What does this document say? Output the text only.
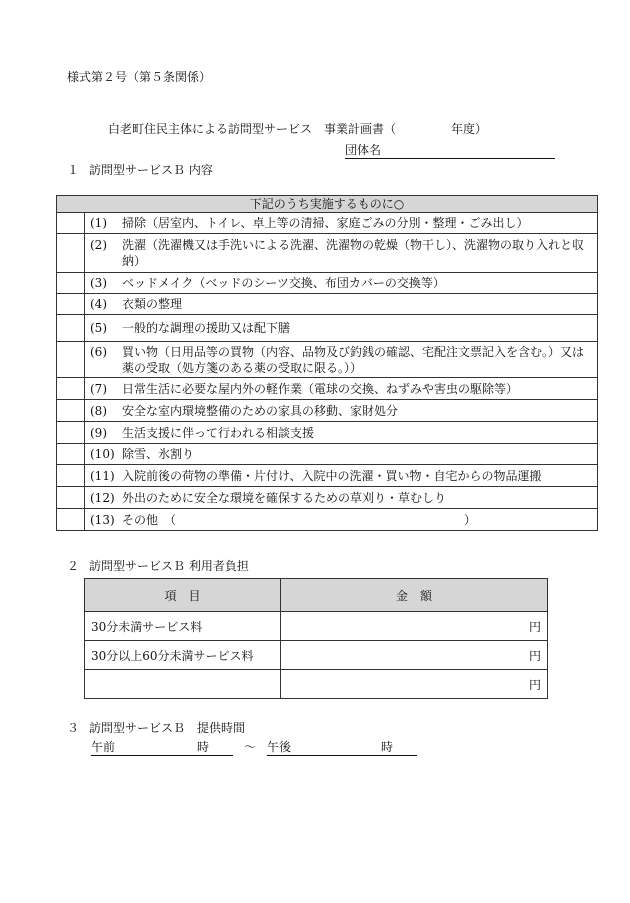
様式第２号（第５条関係）
白老町住民主体による訪問型サービス　事業計画書（	年度）
団体名
１ 訪問型サービスＢ 内容
下記のうち実施するものに○	

	(1) 掃除（居室内、トイレ、卓上等の清掃、家庭ごみの分別・整理・ごみ出し）

	(2) 洗濯（洗濯機又は手洗いによる洗濯、洗濯物の乾燥（物干し）、洗濯物の取り入れと収納）

	(3) ベッドメイク（ベッドのシーツ交換、布団カバーの交換等）

	(4) 衣類の整理

	(5) 一般的な調理の援助又は配下膳

	(6) 買い物（日用品等の買物（内容、品物及び釣銭の確認、宅配注文票記入を含む。）又は薬の受取（処方箋のある薬の受取に限る。））

	(7) 日常生活に必要な屋内外の軽作業（電球の交換、ねずみや害虫の駆除等）

	(8) 安全な室内環境整備のための家具の移動、家財処分

	(9) 生活支援に伴って行われる相談支援

	(10) 除雪、氷割り

	(11) 入院前後の荷物の準備・片付け、入院中の洗濯・買い物・自宅からの物品運搬

	(12) 外出のために安全な環境を確保するための草刈り・草むしり

	(13) その他　（　　　　　　　　　　　　　　　　　　　　　　　　）
２ 訪問型サービスＢ 利用者負担
項　目	金　額
30分未満サービス料	円
30分以上60分未満サービス料	円
	円
３ 訪問型サービスＢ　提供時間
午前	時	～ 午後	時
